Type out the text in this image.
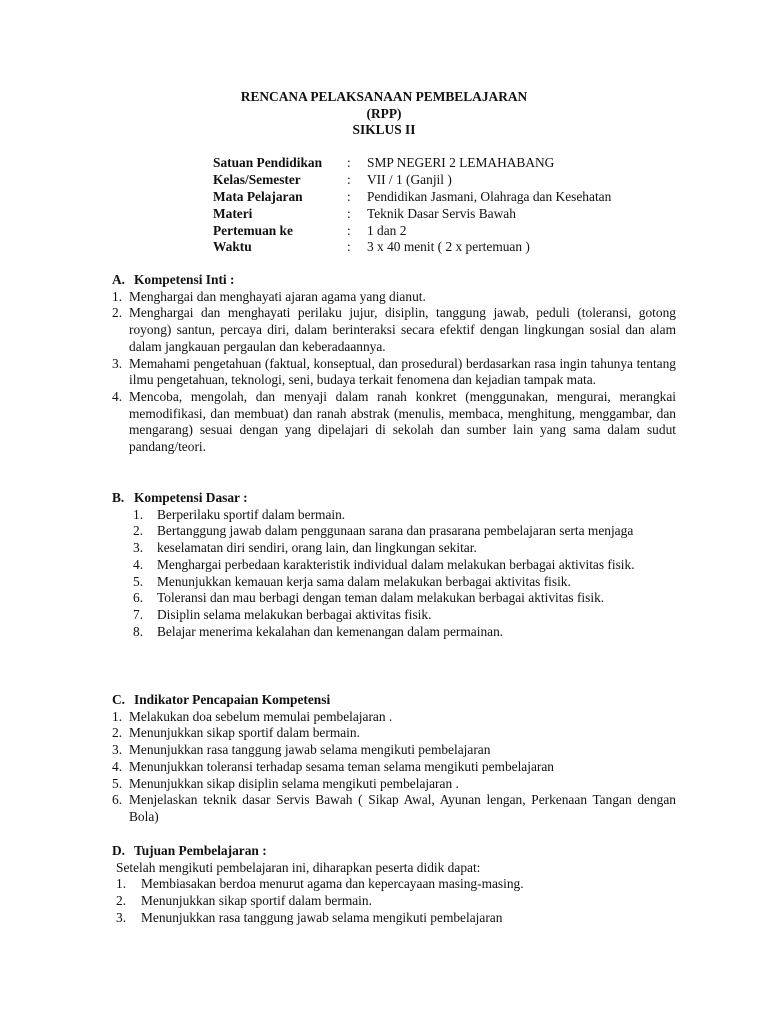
RENCANA PELAKSANAAN PEMBELAJARAN
(RPP)
SIKLUS II
Satuan Pendidikan	:	SMP NEGERI 2 LEMAHABANG
Kelas/Semester	:	VII / 1 (Ganjil )
Mata Pelajaran	:	Pendidikan Jasmani, Olahraga dan Kesehatan
Materi	:	Teknik Dasar Servis Bawah
Pertemuan ke	:	1 dan 2
Waktu	:	3 x 40 menit ( 2 x pertemuan )
A. Kompetensi Inti :
1. Menghargai dan menghayati ajaran agama yang dianut.
2. Menghargai dan menghayati perilaku jujur, disiplin, tanggung jawab, peduli (toleransi, gotong royong) santun, percaya diri, dalam berinteraksi secara efektif dengan lingkungan sosial dan alam dalam jangkauan pergaulan dan keberadaannya.
3. Memahami pengetahuan (faktual, konseptual, dan prosedural) berdasarkan rasa ingin tahunya tentang ilmu pengetahuan, teknologi, seni, budaya terkait fenomena dan kejadian tampak mata.
4. Mencoba, mengolah, dan menyaji dalam ranah konkret (menggunakan, mengurai, merangkai memodifikasi, dan membuat) dan ranah abstrak (menulis, membaca, menghitung, menggambar, dan mengarang) sesuai dengan yang dipelajari di sekolah dan sumber lain yang sama dalam sudut pandang/teori.
B. Kompetensi Dasar :
1.	Berperilaku sportif dalam bermain.
2.	Bertanggung jawab dalam penggunaan sarana dan prasarana pembelajaran serta menjaga
3.	keselamatan diri sendiri, orang lain, dan lingkungan sekitar.
4.	Menghargai perbedaan karakteristik individual dalam melakukan berbagai aktivitas fisik.
5.	Menunjukkan kemauan kerja sama dalam melakukan berbagai aktivitas fisik.
6.	Toleransi dan mau berbagi dengan teman dalam melakukan berbagai aktivitas fisik.
7.	Disiplin selama melakukan berbagai aktivitas fisik.
8.	Belajar menerima kekalahan dan kemenangan dalam permainan.
C. Indikator Pencapaian Kompetensi
1. Melakukan doa sebelum memulai pembelajaran .
2. Menunjukkan sikap sportif dalam bermain.
3. Menunjukkan rasa tanggung jawab selama mengikuti pembelajaran
4. Menunjukkan toleransi terhadap sesama teman selama mengikuti pembelajaran
5. Menunjukkan sikap disiplin selama mengikuti pembelajaran .
6. Menjelaskan teknik dasar Servis Bawah ( Sikap Awal, Ayunan lengan, Perkenaan Tangan dengan Bola)
D. Tujuan Pembelajaran :
Setelah mengikuti pembelajaran ini, diharapkan peserta didik dapat:
1.	Membiasakan berdoa menurut agama dan kepercayaan masing-masing.
2.	Menunjukkan sikap sportif dalam bermain.
3.	Menunjukkan rasa tanggung jawab selama mengikuti pembelajaran
